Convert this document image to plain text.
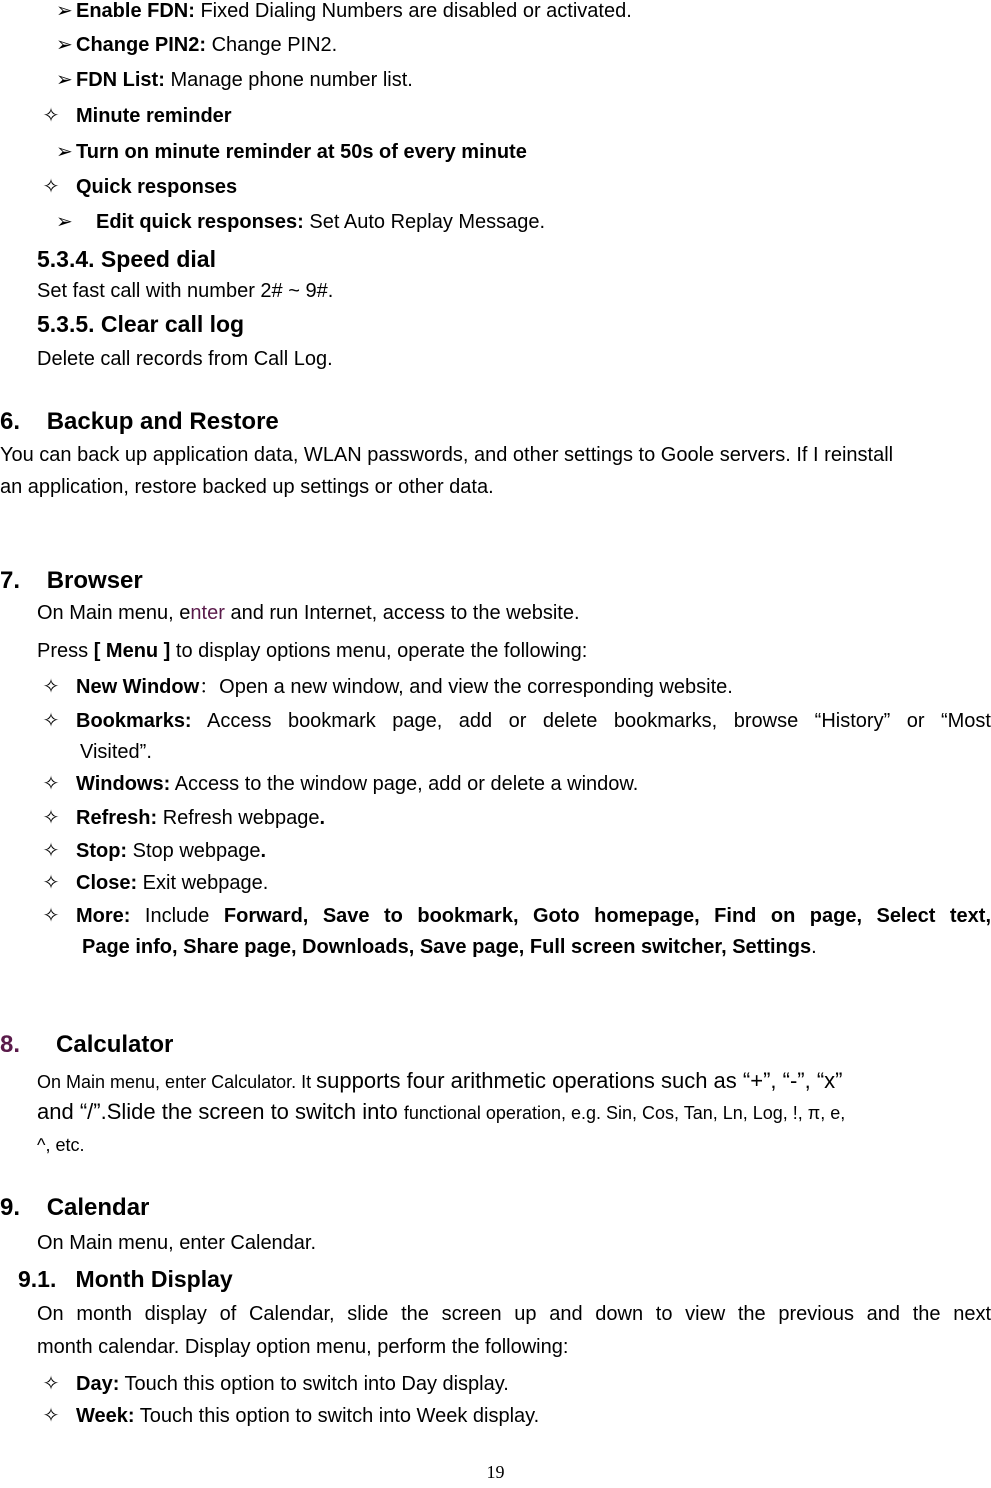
➢ Enable FDN: Fixed Dialing Numbers are disabled or activated.
➢ Change PIN2: Change PIN2.
➢ FDN List: Manage phone number list.
✧ Minute reminder
➢ Turn on minute reminder at 50s of every minute
✧ Quick responses
➢ Edit quick responses: Set Auto Replay Message.
5.3.4. Speed dial
Set fast call with number 2# ~ 9#.
5.3.5. Clear call log
Delete call records from Call Log.
6.    Backup and Restore
You can back up application data, WLAN passwords, and other settings to Goole servers. If I reinstall
an application, restore backed up settings or other data.
7.    Browser
On Main menu, enter and run Internet, access to the website.
Press [ Menu ] to display options menu, operate the following:
✧ New Window：Open a new window, and view the corresponding website.
✧ Bookmarks: Access bookmark page, add or delete bookmarks, browse “History” or “Most
Visited”.
✧ Windows: Access to the window page, add or delete a window.
✧ Refresh: Refresh webpage.
✧ Stop: Stop webpage.
✧ Close: Exit webpage.
✧ More: Include Forward, Save to bookmark, Goto homepage, Find on page, Select text,
Page info, Share page, Downloads, Save page, Full screen switcher, Settings.
8. Calculator
On Main menu, enter Calculator. It supports four arithmetic operations such as “+”, “-”, “x”
and “/”.Slide the screen to switch into functional operation, e.g. Sin, Cos, Tan, Ln, Log, !, π, e,
^, etc.
9.    Calendar
On Main menu, enter Calendar.
9.1.   Month Display
On month display of Calendar, slide the screen up and down to view the previous and the next
month calendar. Display option menu, perform the following:
✧ Day: Touch this option to switch into Day display.
✧ Week: Touch this option to switch into Week display.
19
